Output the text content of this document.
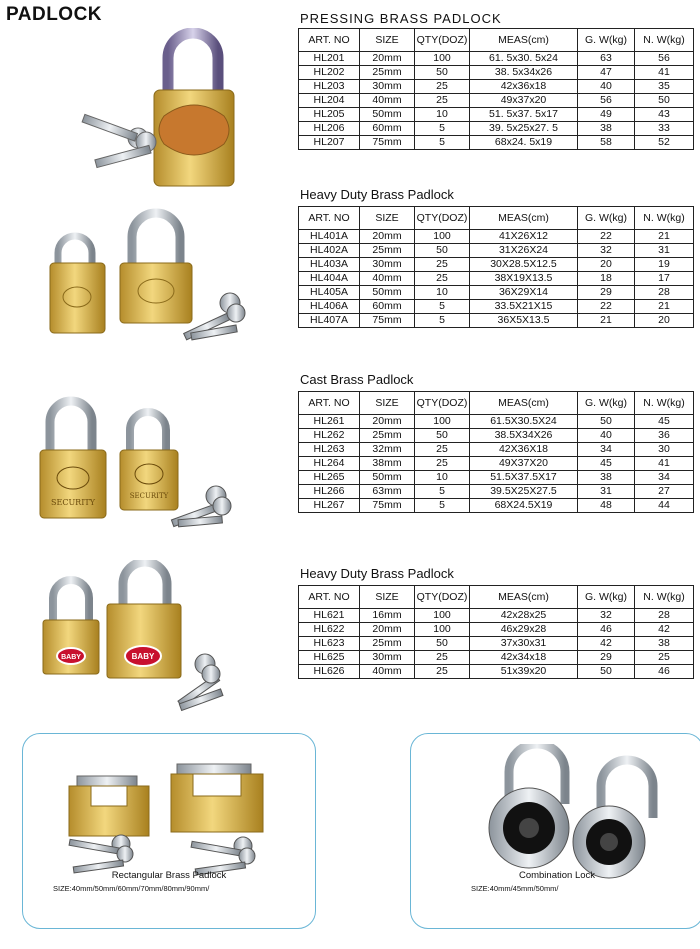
PADLOCK	PRESSING BRASS PADLOCK
ART. NO	SIZE	QTY(DOZ)	MEAS(cm)	G. W(kg)	N. W(kg)
HL201	20mm	100	61. 5x30. 5x24	63	56
HL202	25mm	50	38. 5x34x26	47	41
HL203	30mm	25	42x36x18	40	35
HL204	40mm	25	49x37x20	56	50
HL205	50mm	10	51. 5x37. 5x17	49	43
HL206	60mm	5	39. 5x25x27. 5	38	33
HL207	75mm	5	68x24. 5x19	58	52
Heavy Duty Brass Padlock
ART. NO	SIZE	QTY(DOZ)	MEAS(cm)	G. W(kg)	N. W(kg)
HL401A	20mm	100	41X26X12	22	21
HL402A	25mm	50	31X26X24	32	31
HL403A	30mm	25	30X28.5X12.5	20	19
HL404A	40mm	25	38X19X13.5	18	17
HL405A	50mm	10	36X29X14	29	28
HL406A	60mm	5	33.5X21X15	22	21
HL407A	75mm	5	36X5X13.5	21	20
Cast Brass Padlock
ART. NO	SIZE	QTY(DOZ)	MEAS(cm)	G. W(kg)	N. W(kg)
HL261	20mm	100	61.5X30.5X24	50	45
HL262	25mm	50	38.5X34X26	40	36
HL263	32mm	25	42X36X18	34	30
HL264	38mm	25	49X37X20	45	41
HL265	50mm	10	51.5X37.5X17	38	34
HL266	63mm	5	39.5X25X27.5	31	27
HL267	75mm	5	68X24.5X19	48	44
Heavy Duty Brass Padlock
ART. NO	SIZE	QTY(DOZ)	MEAS(cm)	G. W(kg)	N. W(kg)
HL621	16mm	100	42x28x25	32	28
HL622	20mm	100	46x29x28	46	42
HL623	25mm	50	37x30x31	42	38
HL625	30mm	25	42x34x18	29	25
HL626	40mm	25	51x39x20	50	46
SECURITY
SECURITY
BABY	BABY
Rectangular Brass Padlock
SIZE:40mm/50mm/60mm/70mm/80mm/90mm/
Combination Lock
SIZE:40mm/45mm/50mm/
